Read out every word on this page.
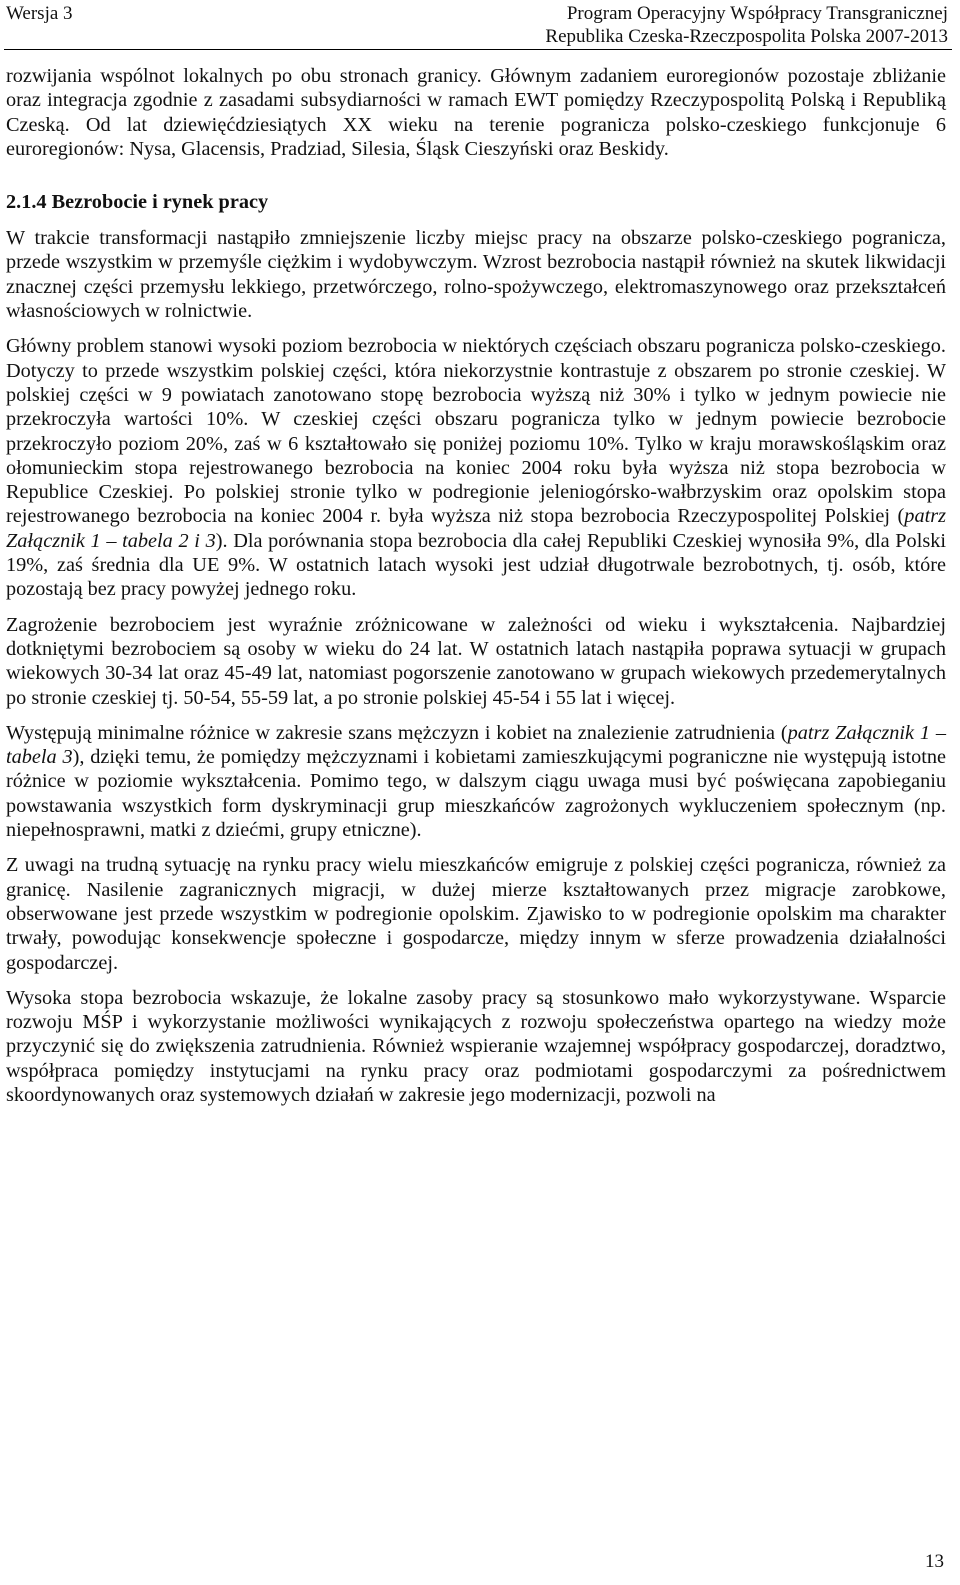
Wersja 3	Program Operacyjny Współpracy Transgranicznej
Republika Czeska-Rzeczpospolita Polska 2007-2013

rozwijania wspólnot lokalnych po obu stronach granicy. Głównym zadaniem euroregionów pozostaje zbliżanie oraz integracja zgodnie z zasadami subsydiarności w ramach EWT pomiędzy Rzeczypospolitą Polską i Republiką Czeską. Od lat dziewięćdziesiątych XX wieku na terenie pogranicza polsko-czeskiego funkcjonuje 6 euroregionów: Nysa, Glacensis, Pradziad, Silesia, Śląsk Cieszyński oraz Beskidy.

2.1.4 Bezrobocie i rynek pracy

W trakcie transformacji nastąpiło zmniejszenie liczby miejsc pracy na obszarze polsko-czeskiego pogranicza, przede wszystkim w przemyśle ciężkim i wydobywczym. Wzrost bezrobocia nastąpił również na skutek likwidacji znacznej części przemysłu lekkiego, przetwórczego, rolno-spożywczego, elektromaszynowego oraz przekształceń własnościowych w rolnictwie.

Główny problem stanowi wysoki poziom bezrobocia w niektórych częściach obszaru pogranicza polsko-czeskiego. Dotyczy to przede wszystkim polskiej części, która niekorzystnie kontrastuje z obszarem po stronie czeskiej. W polskiej części w 9 powiatach zanotowano stopę bezrobocia wyższą niż 30% i tylko w jednym powiecie nie przekroczyła wartości 10%. W czeskiej części obszaru pogranicza tylko w jednym powiecie bezrobocie przekroczyło poziom 20%, zaś w 6 kształtowało się poniżej poziomu 10%. Tylko w kraju morawskośląskim oraz ołomunieckim stopa rejestrowanego bezrobocia na koniec 2004 roku była wyższa niż stopa bezrobocia w Republice Czeskiej. Po polskiej stronie tylko w podregionie jeleniogórsko-wałbrzyskim oraz opolskim stopa rejestrowanego bezrobocia na koniec 2004 r. była wyższa niż stopa bezrobocia Rzeczypospolitej Polskiej (patrz Załącznik 1 – tabela 2 i 3). Dla porównania stopa bezrobocia dla całej Republiki Czeskiej wynosiła 9%, dla Polski 19%, zaś średnia dla UE 9%. W ostatnich latach wysoki jest udział długotrwale bezrobotnych, tj. osób, które pozostają bez pracy powyżej jednego roku.

Zagrożenie bezrobociem jest wyraźnie zróżnicowane w zależności od wieku i wykształcenia. Najbardziej dotkniętymi bezrobociem są osoby w wieku do 24 lat. W ostatnich latach nastąpiła poprawa sytuacji w grupach wiekowych 30-34 lat oraz 45-49 lat, natomiast pogorszenie zanotowano w grupach wiekowych przedemerytalnych po stronie czeskiej tj. 50-54, 55-59 lat, a po stronie polskiej 45-54 i 55 lat i więcej.

Występują minimalne różnice w zakresie szans mężczyzn i kobiet na znalezienie zatrudnienia (patrz Załącznik 1 – tabela 3), dzięki temu, że pomiędzy mężczyznami i kobietami zamieszkującymi pograniczne nie występują istotne różnice w poziomie wykształcenia. Pomimo tego, w dalszym ciągu uwaga musi być poświęcana zapobieganiu powstawania wszystkich form dyskryminacji grup mieszkańców zagrożonych wykluczeniem społecznym (np. niepełnosprawni, matki z dziećmi, grupy etniczne).

Z uwagi na trudną sytuację na rynku pracy wielu mieszkańców emigruje z polskiej części pogranicza, również za granicę. Nasilenie zagranicznych migracji, w dużej mierze kształtowanych przez migracje zarobkowe, obserwowane jest przede wszystkim w podregionie opolskim. Zjawisko to w podregionie opolskim ma charakter trwały, powodując konsekwencje społeczne i gospodarcze, między innym w sferze prowadzenia działalności gospodarczej.

Wysoka stopa bezrobocia wskazuje, że lokalne zasoby pracy są stosunkowo mało wykorzystywane. Wsparcie rozwoju MŚP i wykorzystanie możliwości wynikających z rozwoju społeczeństwa opartego na wiedzy może przyczynić się do zwiększenia zatrudnienia. Również wspieranie wzajemnej współpracy gospodarczej, doradztwo, współpraca pomiędzy instytucjami na rynku pracy oraz podmiotami gospodarczymi za pośrednictwem skoordynowanych oraz systemowych działań w zakresie jego modernizacji, pozwoli na

13
